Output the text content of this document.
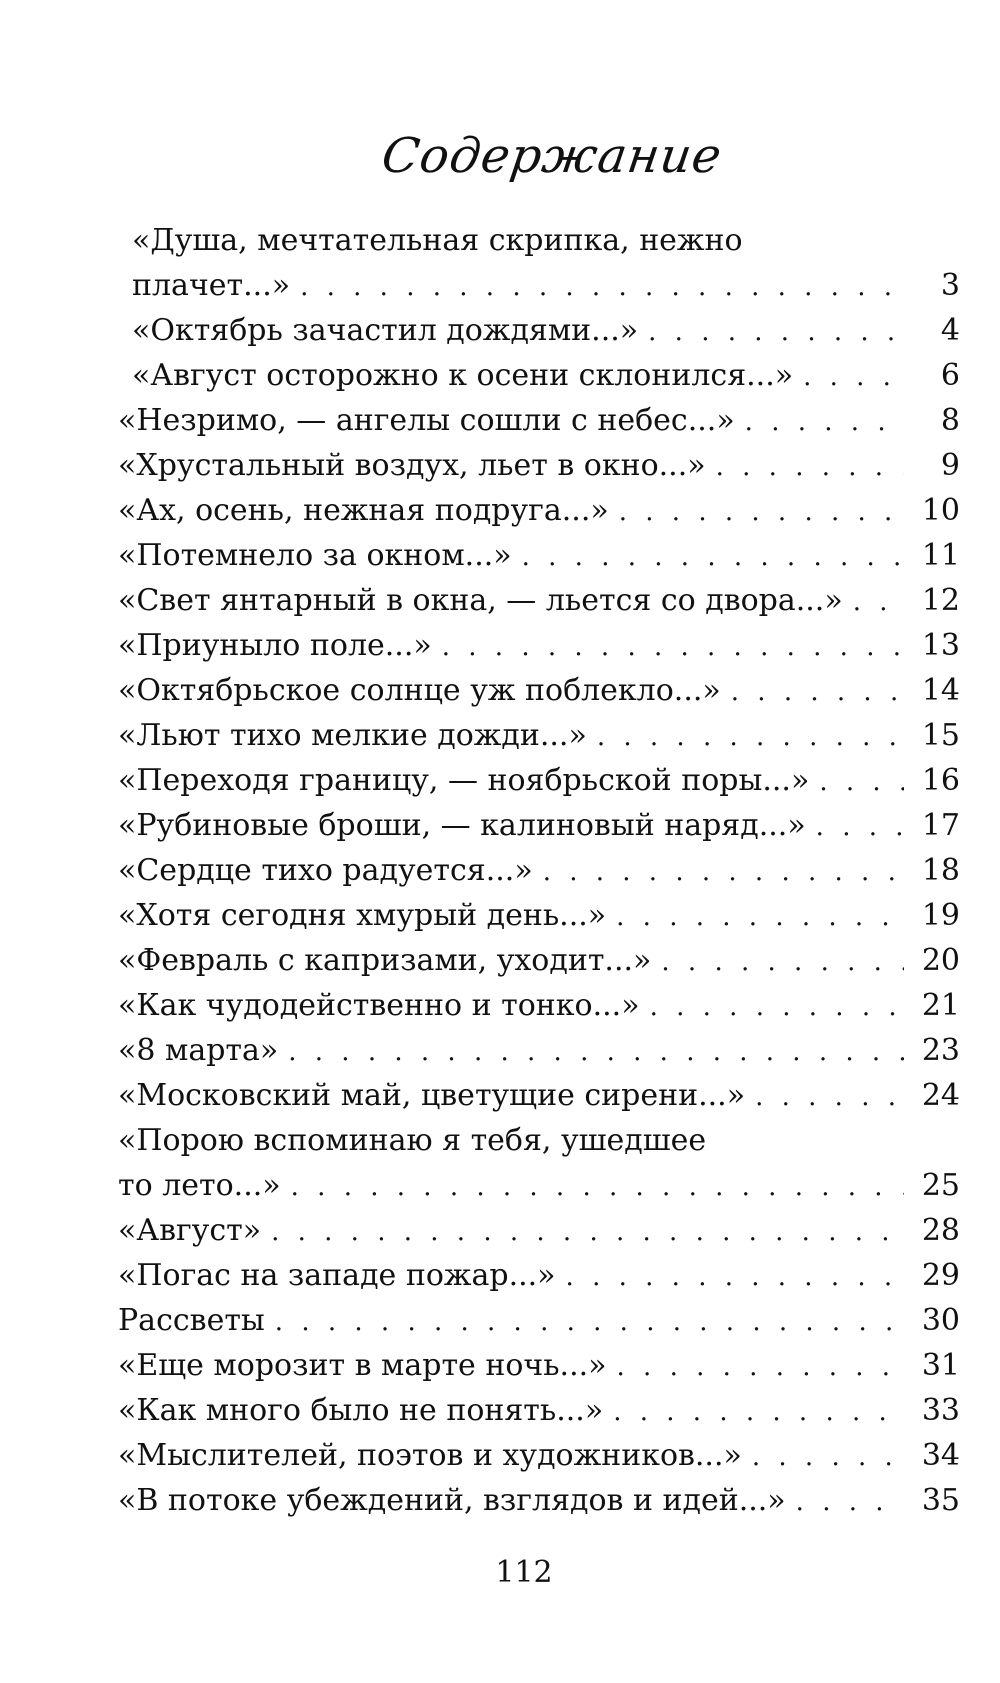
Содержание
«Душа, мечтательная скрипка, нежно
плачет...» . . .	3
«Октябрь зачастил дождями...» . . .	4
«Август осторожно к осени склонился...» . . .	6
«Незримо, — ангелы сошли с небес...» . . .	8
«Хрустальный воздух, льет в окно...» . . .	9
«Ах, осень, нежная подруга...» . . .	10
«Потемнело за окном...» . . .	11
«Свет янтарный в окна, — льется со двора...» . . .	12
«Приуныло поле...» . . .	13
«Октябрьское солнце уж поблекло...» . . .	14
«Льют тихо мелкие дожди...» . . .	15
«Переходя границу, — ноябрьской поры...» . . .	16
«Рубиновые броши, — калиновый наряд...» . . .	17
«Сердце тихо радуется...» . . .	18
«Хотя сегодня хмурый день...» . . .	19
«Февраль с капризами, уходит...» . . .	20
«Как чудодейственно и тонко...» . . .	21
«8 марта» . . .	23
«Московский май, цветущие сирени...» . . .	24
«Порою вспоминаю я тебя, ушедшее
то лето...» . . .	25
«Август» . . .	28
«Погас на западе пожар...» . . .	29
Рассветы . . .	30
«Еще морозит в марте ночь...» . . .	31
«Как много было не понять...» . . .	33
«Мыслителей, поэтов и художников...» . . .	34
«В потоке убеждений, взглядов и идей...» . . .	35
112
